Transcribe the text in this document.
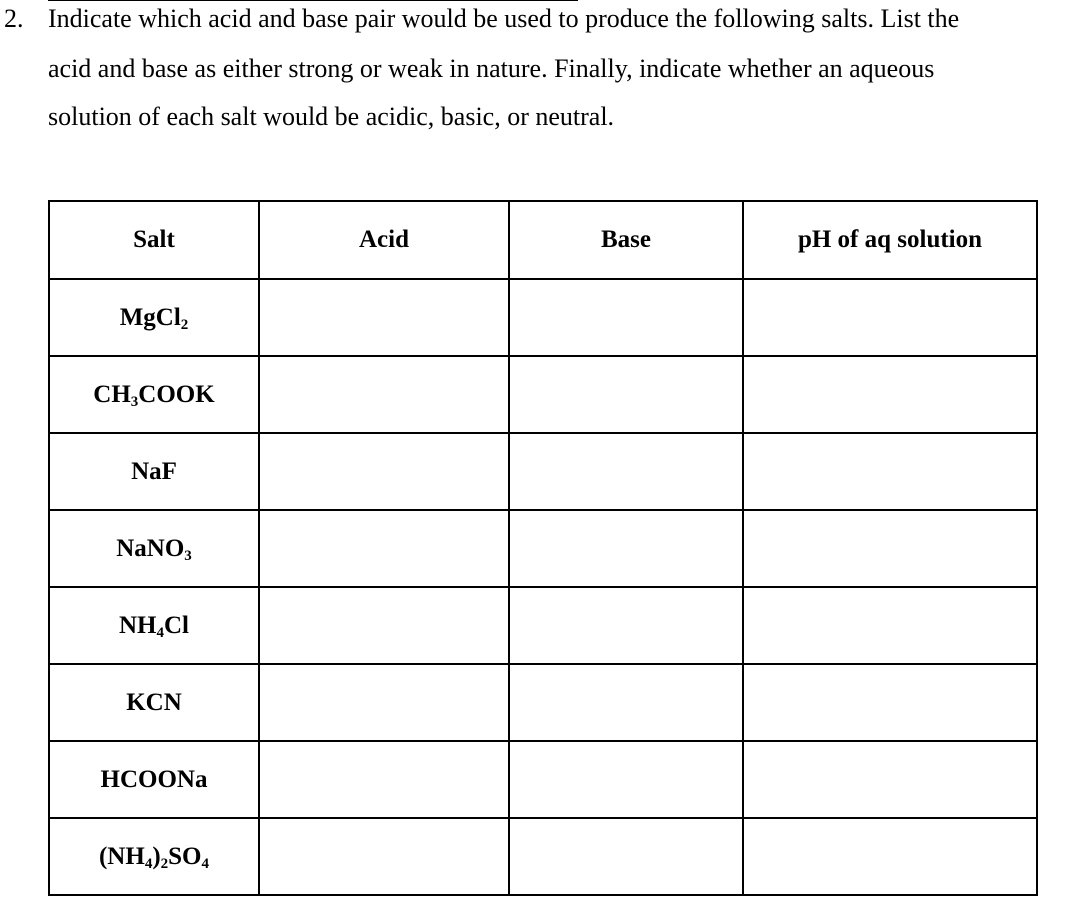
2. Indicate which acid and base pair would be used to produce the following salts. List the
acid and base as either strong or weak in nature. Finally, indicate whether an aqueous
solution of each salt would be acidic, basic, or neutral.
Salt	Acid	Base	pH of aq solution
MgCl$_2$			
$CH_3COOK$			
NaF			
NaNO$_3$			
$NH_4Cl$			
KCN			
HCOONa			
$(NH_4)_2SO_4$			
